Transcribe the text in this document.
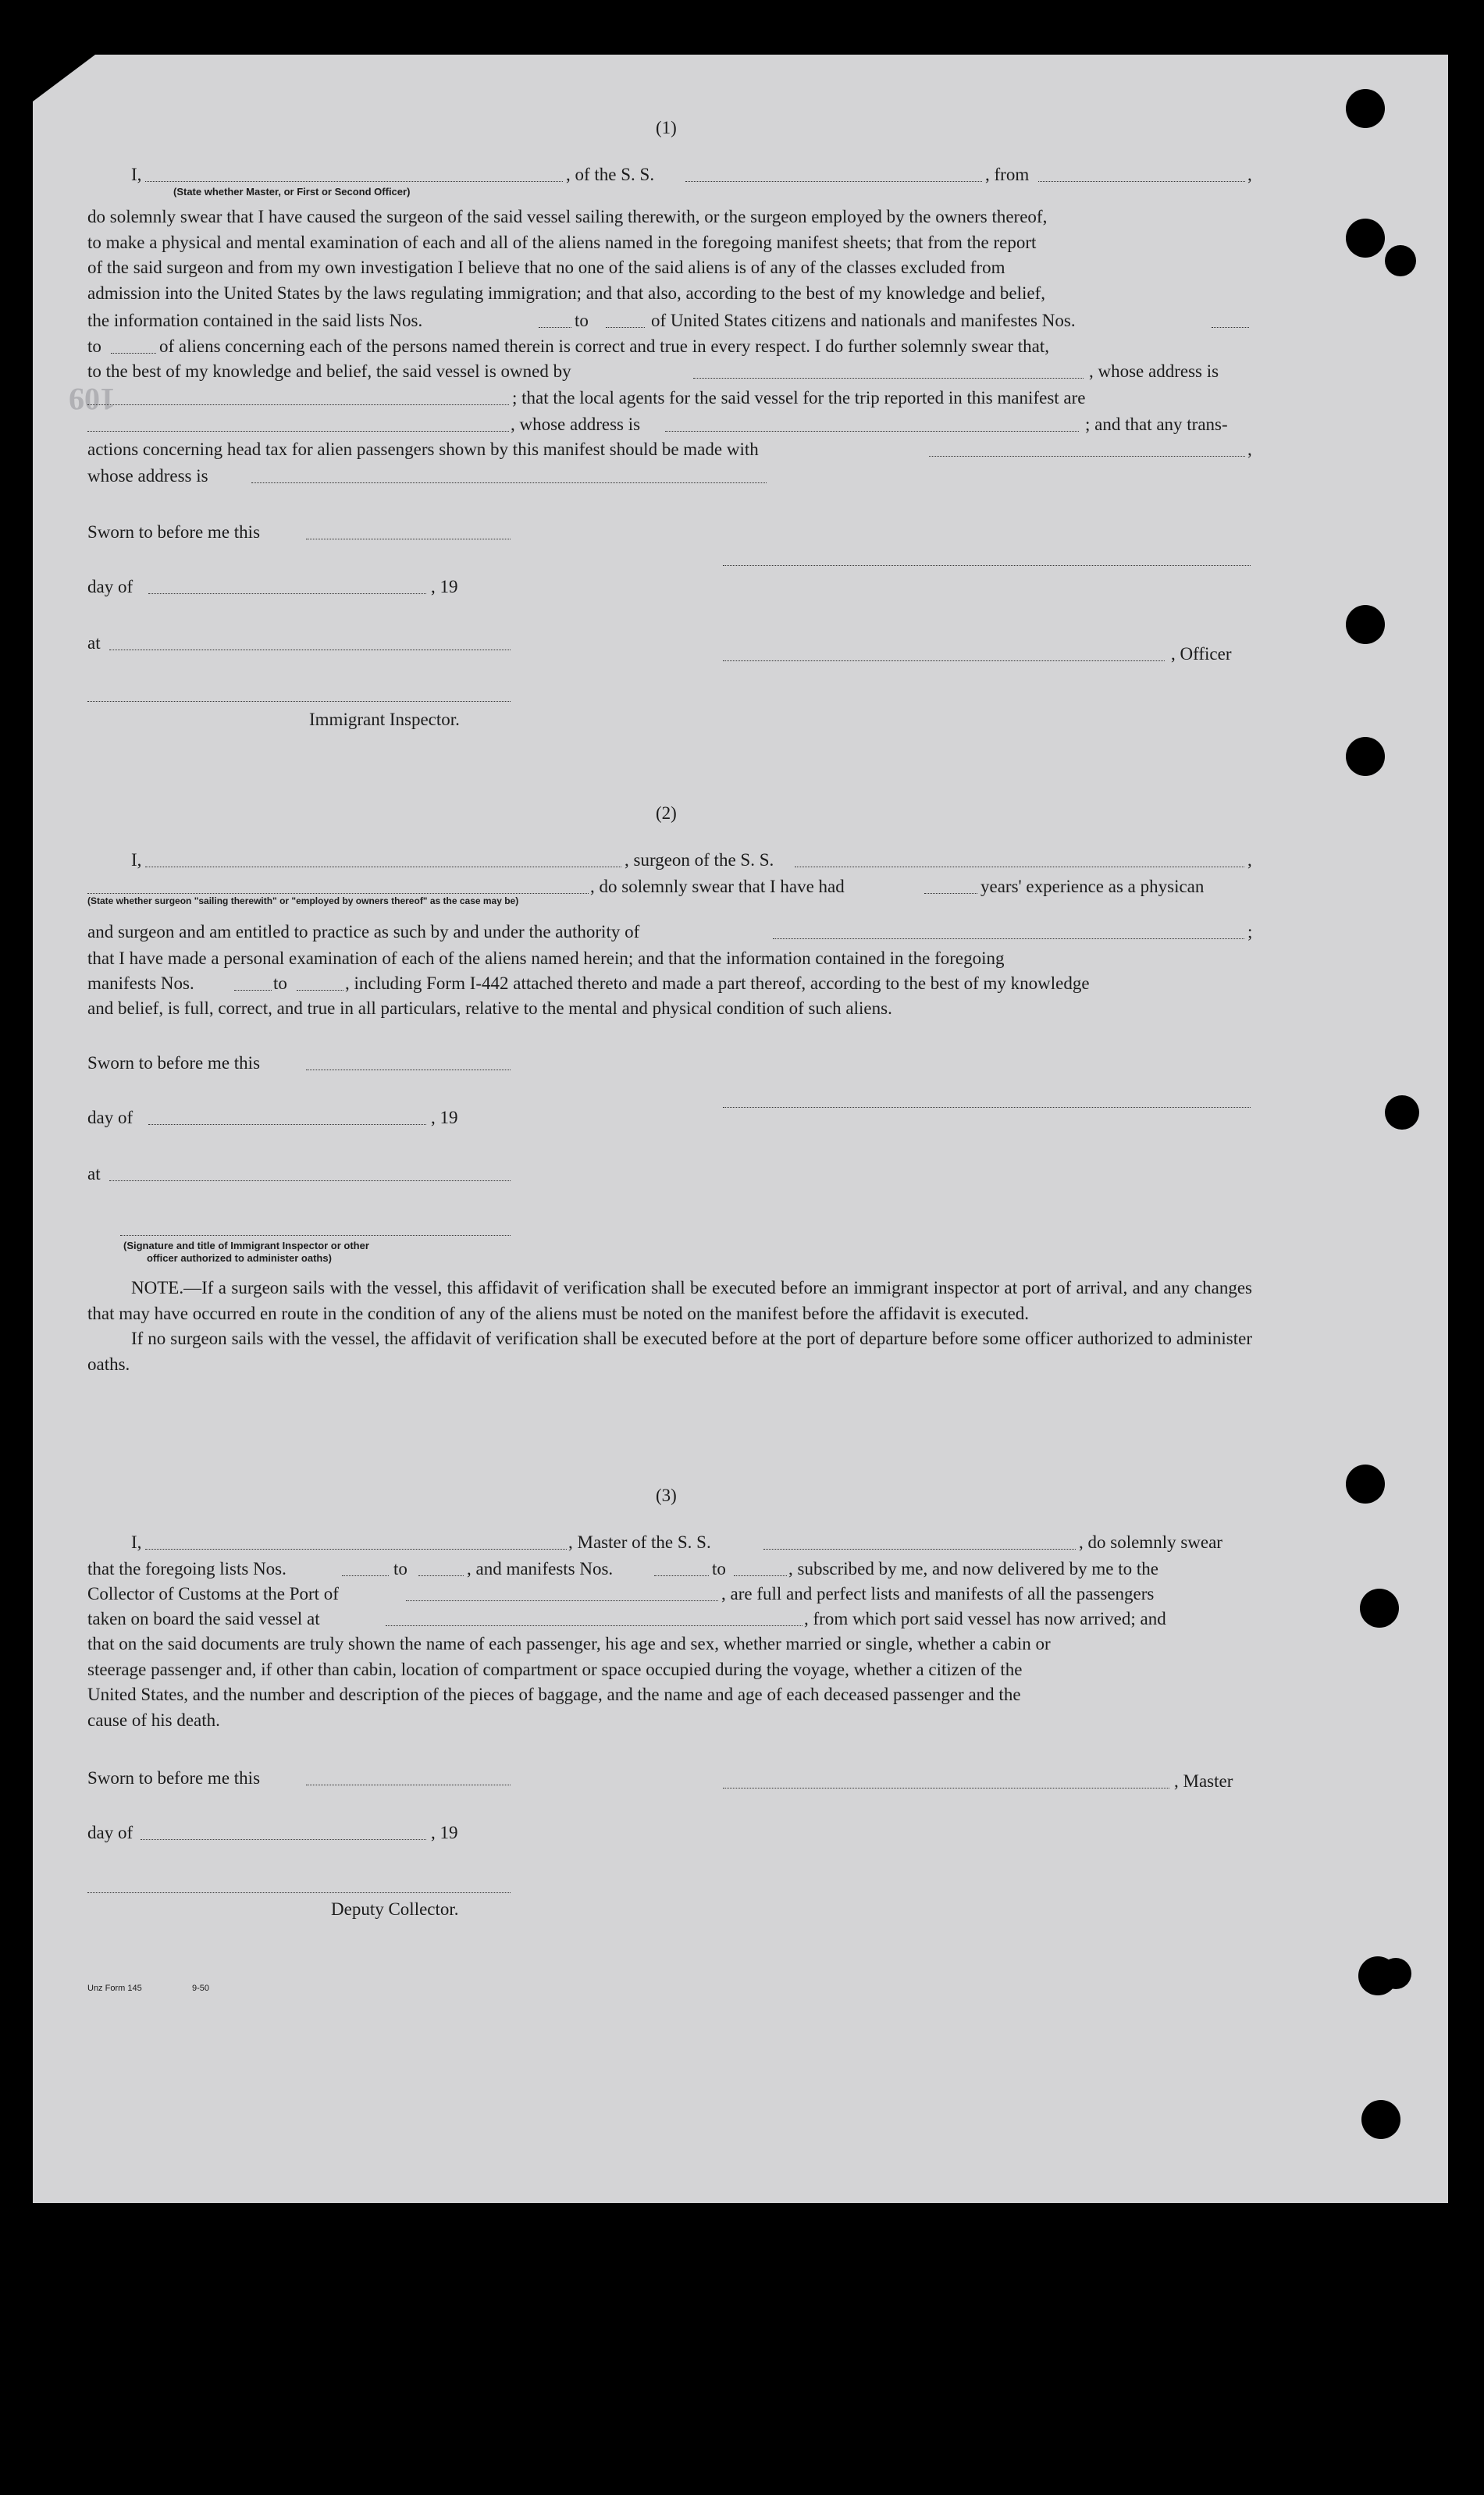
109
(1)
I,	, of the S. S.	, from	,
(State whether Master, or First or Second Officer)

do solemnly swear that I have caused the surgeon of the said vessel sailing therewith, or the surgeon employed by the owners thereof,

to make a physical and mental examination of each and all of the aliens named in the foregoing manifest sheets; that from the report

of the said surgeon and from my own investigation I believe that no one of the said aliens is of any of the classes excluded from

admission into the United States by the laws regulating immigration; and that also, according to the best of my knowledge and belief,

the information contained in the said lists Nos.	to	of United States citizens and nationals and manifestes Nos.
to	of aliens concerning each of the persons named therein is correct and true in every respect. I do further solemnly swear that,
to the best of my knowledge and belief, the said vessel is owned by	, whose address is
; that the local agents for the said vessel for the trip reported in this manifest are
, whose address is	; and that any trans-
actions concerning head tax for alien passengers shown by this manifest should be made with	,
whose address is
Sworn to before me this
day of	, 19
at
, Officer
Immigrant Inspector.
(2)
I,	, surgeon of the S. S.	,
, do solemnly swear that I have had	years' experience as a physican
(State whether surgeon "sailing therewith" or "employed by owners thereof" as the case may be)
and surgeon and am entitled to practice as such by and under the authority of	;

that I have made a personal examination of each of the aliens named herein; and that the information contained in the foregoing

manifests Nos.	to	, including Form I-442 attached thereto and made a part thereof, according to the best of my knowledge
and belief, is full, correct, and true in all particulars, relative to the mental and physical condition of such aliens.
Sworn to before me this
day of	, 19
at
(Signature and title of Immigrant Inspector or other
officer authorized to administer oaths)

NOTE.—If a surgeon sails with the vessel, this affidavit of verification shall be executed before an immigrant inspector at port of arrival, and any changes that may have occurred en route in the condition of any of the aliens must be noted on the manifest before the affidavit is executed.

If no surgeon sails with the vessel, the affidavit of verification shall be executed before at the port of departure before some officer authorized to administer oaths.

(3)
I,	, Master of the S. S.	, do solemnly swear
that the foregoing lists Nos.	to	, and manifests Nos.	to	, subscribed by me, and now delivered by me to the
Collector of Customs at the Port of	, are full and perfect lists and manifests of all the passengers
taken on board the said vessel at	, from which port said vessel has now arrived; and

that on the said documents are truly shown the name of each passenger, his age and sex, whether married or single, whether a cabin or

steerage passenger and, if other than cabin, location of compartment or space occupied during the voyage, whether a citizen of the

United States, and the number and description of the pieces of baggage, and the name and age of each deceased passenger and the

cause of his death.

Sworn to before me this	, Master
day of	, 19
Deputy Collector.
Unz Form 145	9-50
